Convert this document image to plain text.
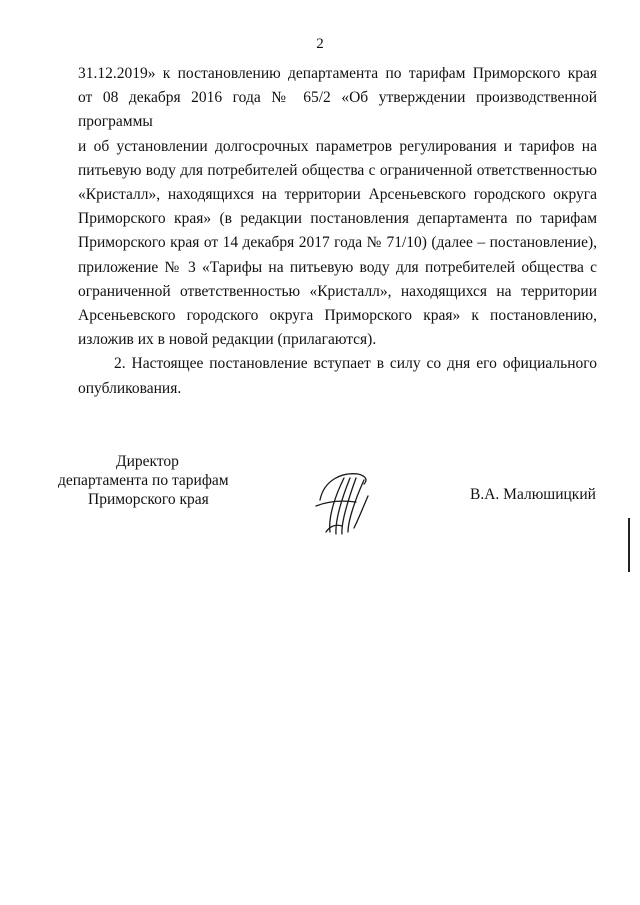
2
31.12.2019» к постановлению департамента по тарифам Приморского края
от 08 декабря 2016 года № 65/2 «Об утверждении производственной программы
и об установлении долгосрочных параметров регулирования и тарифов на
питьевую воду для потребителей общества с ограниченной ответственностью
«Кристалл», находящихся на территории Арсеньевского городского округа
Приморского края» (в редакции постановления департамента по тарифам
Приморского края от 14 декабря 2017 года № 71/10) (далее – постановление),
приложение № 3 «Тарифы на питьевую воду для потребителей общества с
ограниченной ответственностью «Кристалл», находящихся на территории
Арсеньевского городского округа Приморского края» к постановлению,
изложив их в новой редакции (прилагаются).
2. Настоящее постановление вступает в силу со дня его официального
опубликования.
Директор
департамента по тарифам
Приморского края	В.А. Малюшицкий
